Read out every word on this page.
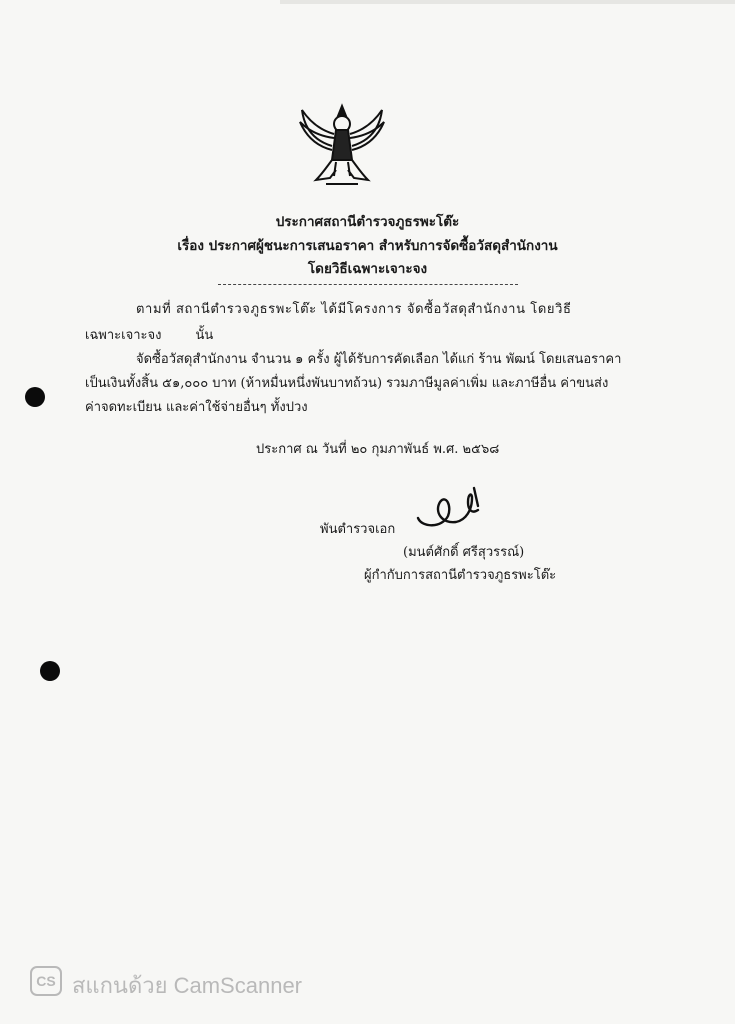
ประกาศสถานีตำรวจภูธรพะโต๊ะ
เรื่อง ประกาศผู้ชนะการเสนอราคา สำหรับการจัดซื้อวัสดุสำนักงาน
โดยวิธีเฉพาะเจาะจง
ตามที่ สถานีตำรวจภูธรพะโต๊ะ ได้มีโครงการ จัดซื้อวัสดุสำนักงาน โดยวิธี
เฉพาะเจาะจง	นั้น
จัดซื้อวัสดุสำนักงาน จำนวน ๑ ครั้ง ผู้ได้รับการคัดเลือก ได้แก่ ร้าน พัฒน์ โดยเสนอราคา
เป็นเงินทั้งสิ้น ๕๑,๐๐๐ บาท (ห้าหมื่นหนึ่งพันบาทถ้วน) รวมภาษีมูลค่าเพิ่ม และภาษีอื่น ค่าขนส่ง
ค่าจดทะเบียน และค่าใช้จ่ายอื่นๆ ทั้งปวง
ประกาศ ณ วันที่ ๒๐ กุมภาพันธ์ พ.ศ. ๒๕๖๘
พันตำรวจเอก
(มนต์ศักดิ์ ศรีสุวรรณ์)
ผู้กำกับการสถานีตำรวจภูธรพะโต๊ะ
CS สแกนด้วย CamScanner
